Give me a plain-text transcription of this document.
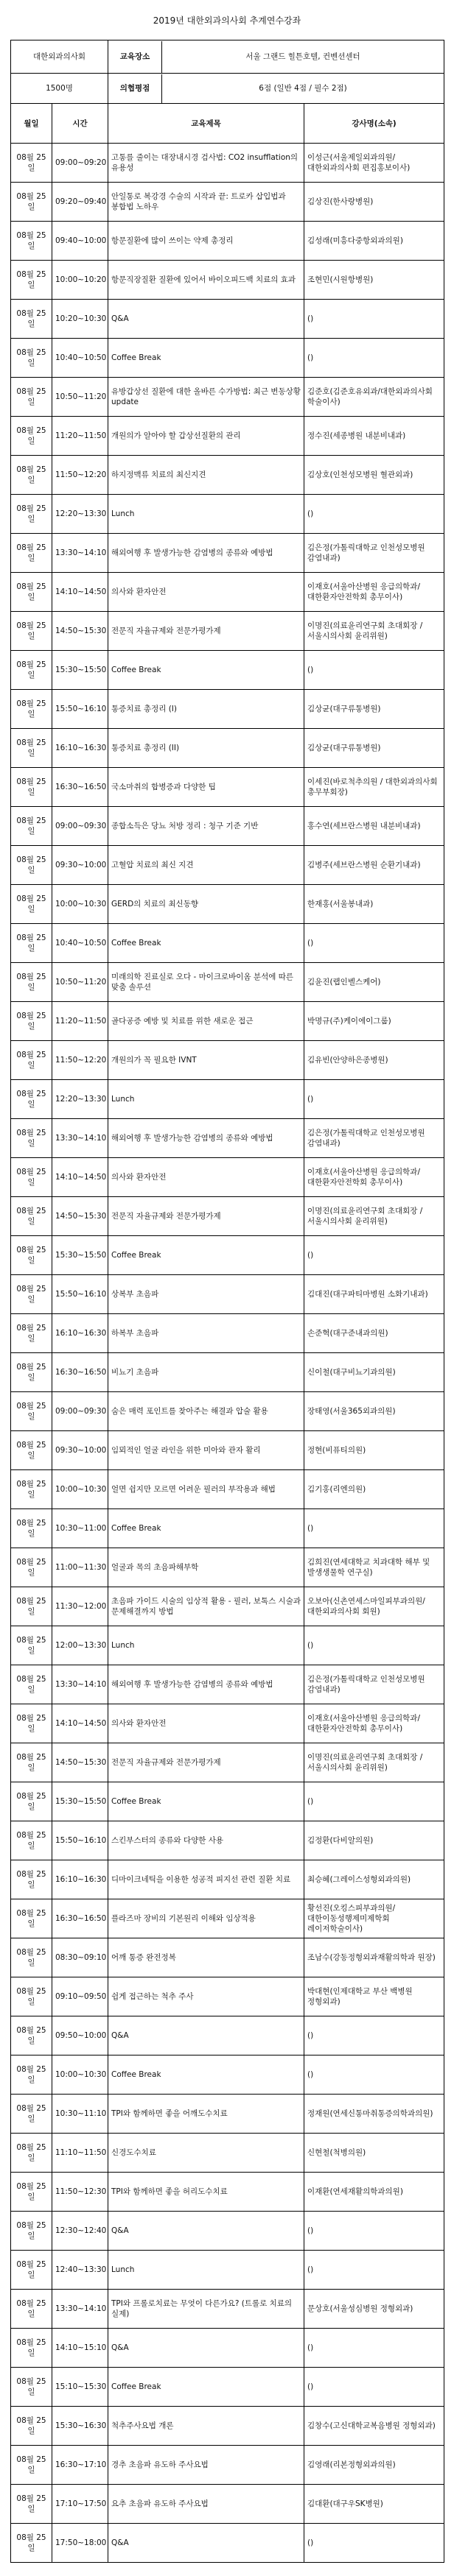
2019년 대한외과의사회 추계연수강좌
대한외과의사회		교육장소 서울 그랜드 힐튼호텔, 컨벤션센터	

1500명		의협평점 6점 (일반 4점 / 필수 2점)	

월일	시간	교육제목	강사명(소속)
08월 25일	09:00~09:20	고통를 줄이는 대장내시경 검사법: CO2 insufflation의 유용성	이성근(서울제일외과의원/대한외과의사회 편집홍보이사)
08월 25일	09:20~09:40	안일통로 복강경 수술의 시작과 끝: 트로카 삽입법과 봉합법 노하우	김상진(한사랑병원)
08월 25일	09:40~10:00	항문질환에 많이 쓰이는 약제 총정리	김성래(미흥다중항외과의원)
08월 25일	10:00~10:20	항문직장질환 질환에 있어서 바이오피드백 치료의 효과	조현민(시원항병원)
08월 25일	10:20~10:30	Q&A	()
08월 25일	10:40~10:50	Coffee Break	()
08월 25일	10:50~11:20	유방갑상선 질환에 대한 올바른 수가방법: 최근 변동상황 update	김준호(김준호유외과/대한외과의사회 학술이사)
08월 25일	11:20~11:50	개원의가 알아야 할 갑상선질환의 관리	정수진(세종병원 내분비내과)
08월 25일	11:50~12:20	하지정맥류 치료의 최신지견	김상호(인천성모병원 혈관외과)
08월 25일	12:20~13:30	Lunch	()
08월 25일	13:30~14:10	해외여행 후 발생가능한 감염병의 종류와 예방법	김은정(가톨릭대학교 인천성모병원 감염내과)
08월 25일	14:10~14:50	의사와 환자안전	이재호(서울아산병원 응급의학과/대한환자안전학회 총무이사)
08월 25일	14:50~15:30	전문직 자율규제와 전문가평가제	이명진(의료윤리연구회 초대회장 / 서울시의사회 윤리위원)
08월 25일	15:30~15:50	Coffee Break	()
08월 25일	15:50~16:10	통증치료 총정리 (I)	김상균(대구류통병원)
08월 25일	16:10~16:30	통증치료 총정리 (II)	김상균(대구류통병원)
08월 25일	16:30~16:50	국소마취의 합병증과 다양한 팁	이세진(바로척추의원 / 대한외과의사회 총무부회장)
08월 25일	09:00~09:30	종합소득은 당뇨 처방 정리 : 청구 기준 기반	홍수연(세브란스병원 내분비내과)
08월 25일	09:30~10:00	고혈압 치료의 최신 지견	김병주(세브란스병원 순환기내과)
08월 25일	10:00~10:30	GERD의 치료의 최신동향	한재홍(서울봉내과)
08월 25일	10:40~10:50	Coffee Break	()
08월 25일	10:50~11:20	미래의학 진료실로 오다 - 마이크로바이옴 분석에 따른 맞춤 솔루션	김윤진(랩인벨스케어)
08월 25일	11:20~11:50	골다공증 예방 및 치료를 위한 새로운 접근	박명규(주)케이에이그룹)
08월 25일	11:50~12:20	개원의가 꼭 필요한 IVNT	김유빈(안양하은종병원)
08월 25일	12:20~13:30	Lunch	()
08월 25일	13:30~14:10	해외여행 후 발생가능한 감염병의 종류와 예방법	김은정(가톨릭대학교 인천성모병원 감염내과)
08월 25일	14:10~14:50	의사와 환자안전	이재호(서울아산병원 응급의학과/대한환자안전학회 총무이사)
08월 25일	14:50~15:30	전문직 자율규제와 전문가평가제	이명진(의료윤리연구회 초대회장 / 서울시의사회 윤리위원)
08월 25일	15:30~15:50	Coffee Break	()
08월 25일	15:50~16:10	상복부 초음파	김대진(대구파티마병원 소화기내과)
08월 25일	16:10~16:30	하복부 초음파	손준혁(대구준내과의원)
08월 25일	16:30~16:50	비뇨기 초음파	신이철(대구비뇨기과의원)
08월 25일	09:00~09:30	숨은 매력 포인트를 찾아주는 해결과 압술 활용	장태영(서울365외과의원)
08월 25일	09:30~10:00	임뫼적인 얼굴 라인을 위한 미아와 관자 활리	정현(비퓨티의원)
08월 25일	10:00~10:30	얼면 쉽지만 모르면 어려운 필러의 부작용과 해법	김기홍(리엔의원)
08월 25일	10:30~11:00	Coffee Break	()
08월 25일	11:00~11:30	얼굴과 목의 초음파해부학	김희진(연세대학교 치과대학 해부 및 발생생물학 연구실)
08월 25일	11:30~12:00	초음파 가이드 시술의 임상적 활용 - 필러, 보톡스 시술과 문제해결까지 방법	오보아(신촌연세스마일피부과의원/대한외과의사회 회원)
08월 25일	12:00~13:30	Lunch	()
08월 25일	13:30~14:10	해외여행 후 발생가능한 감염병의 종류와 예방법	김은정(가톨릭대학교 인천성모병원 감염내과)
08월 25일	14:10~14:50	의사와 환자안전	이재호(서울아산병원 응급의학과/대한환자안전학회 총무이사)
08월 25일	14:50~15:30	전문직 자율규제와 전문가평가제	이명진(의료윤리연구회 초대회장 / 서울시의사회 윤리위원)
08월 25일	15:30~15:50	Coffee Break	()
08월 25일	15:50~16:10	스킨부스터의 종류와 다양한 사용	김정환(다비알의원)
08월 25일	16:10~16:30	디마이크네틱을 이용한 성공적 피지선 관련 질환 치료	최승혜(그레이스성형외과의원)
08월 25일	16:30~16:50	플라즈마 장비의 기본원리 이해와 임상적용	황선진(오킹스피부과의원/대한이동성행제미제학회 레이저학술이사)
08월 25일	08:30~09:10	어깨 통증 완전정복	조남수(강동정형외과재활의학과 원장)
08월 25일	09:10~09:50	쉽게 접근하는 척추 주사	박대현(인제대학교 부산 백병원 정형외과)
08월 25일	09:50~10:00	Q&A	()
08월 25일	10:00~10:30	Coffee Break	()
08월 25일	10:30~11:10	TPI와 함께하면 좋을 어깨도수치료	정재원(연세신통마취통증의학과의원)
08월 25일	11:10~11:50	신경도수치료	신현철(척병의원)
08월 25일	11:50~12:30	TPI와 함께하면 좋을 허리도수치료	이재환(연세재활의학과의원)
08월 25일	12:30~12:40	Q&A	()
08월 25일	12:40~13:30	Lunch	()
08월 25일	13:30~14:10	TPI와 프롤로치료는 무엇이 다른가요? (트롤로 치료의 실제)	문상호(서울성심병원 정형외과)
08월 25일	14:10~15:10	Q&A	()
08월 25일	15:10~15:30	Coffee Break	()
08월 25일	15:30~16:30	척추주사요법 개론	김창수(고신대학교복음병원 정형외과)
08월 25일	16:30~17:10	경추 초음파 유도하 주사요법	김영래(리본정형외과의원)
08월 25일	17:10~17:50	요추 초음파 유도하 주사요법	김대환(대구우SK병원)
08월 25일	17:50~18:00	Q&A	()
